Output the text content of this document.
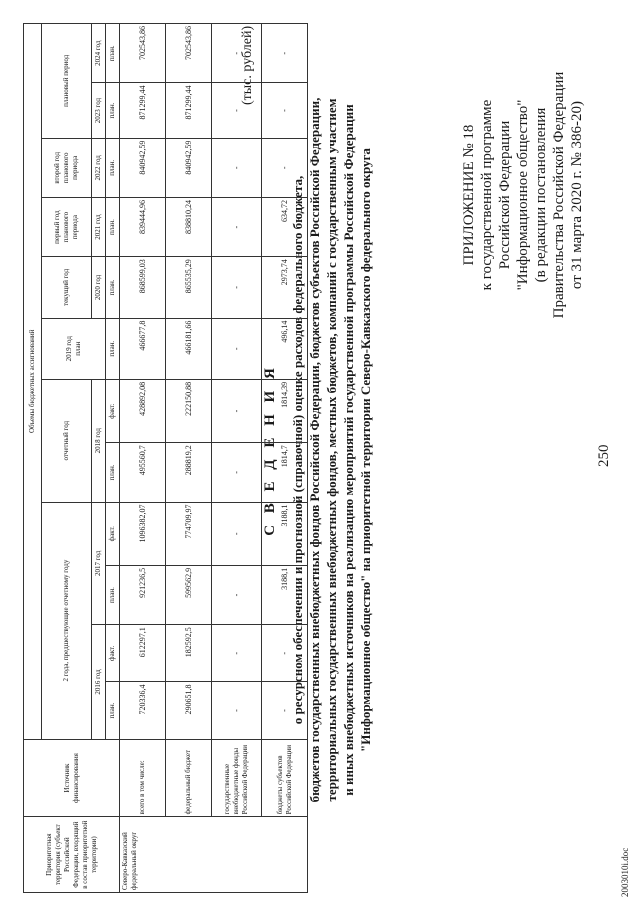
250
2003010i.doc
ПРИЛОЖЕНИЕ № 18 к государственной программе Российской Федерации "Информационное общество" (в редакции постановления Правительства Российской Федерации от 31 марта 2020 г. № 386-20)
С В Е Д Е Н И Я о ресурсном обеспечении и прогнозной (справочной) оценке расходов федерального бюджета, бюджетов государственных внебюджетных фондов Российской Федерации, бюджетов субъектов Российской Федерации, территориальных государственных внебюджетных фондов, местных бюджетов, компаний с государственным участием и иных внебюджетных источников на реализацию мероприятий государственной программы Российской Федерации "Информационное общество" на приоритетной территории Северо-Кавказского федерального округа
(тыс. рублей)
Приоритетная территория (субъект Российской Федерации, входящий в состав приоритетной территории)	Источник финансирования	Объемы бюджетных ассигнований											
		2 года, предшествующие отчетному году				отчетный год		2019 год
план	текущий год	первый год планового периода	второй год планового периода	плановый период	
		2016 год		2017 год		2018 год			2020 год	2021 год	2022 год	2023 год	2024 год
		план.	факт.	план.	факт.	план.	факт.	план.	план.	план.	план.	план.	план.
Северо-Кавказский федеральный округ	всего в том числе:	720336,4	612297,1	921236,5	1096382,07	495560,7	428892,08	466677,8	868599,03	839444,96	840942,59	871299,44	702543,86
	федеральный бюджет	290651,8	182592,5	599562,9	774709,97	288819,2	222150,88	466181,66	865535,29	838810,24	840942,59	871299,44	702543,86
	государственные внебюджетные фонды Российской Федерации	-	-	-	-	-	-	-	-	-	-	-	-
	бюджеты субъектов Российской Федерации	-	-	3188,1	3188,1	1814,7	1814,39	496,14	2973,74	634,72	-	-	-
